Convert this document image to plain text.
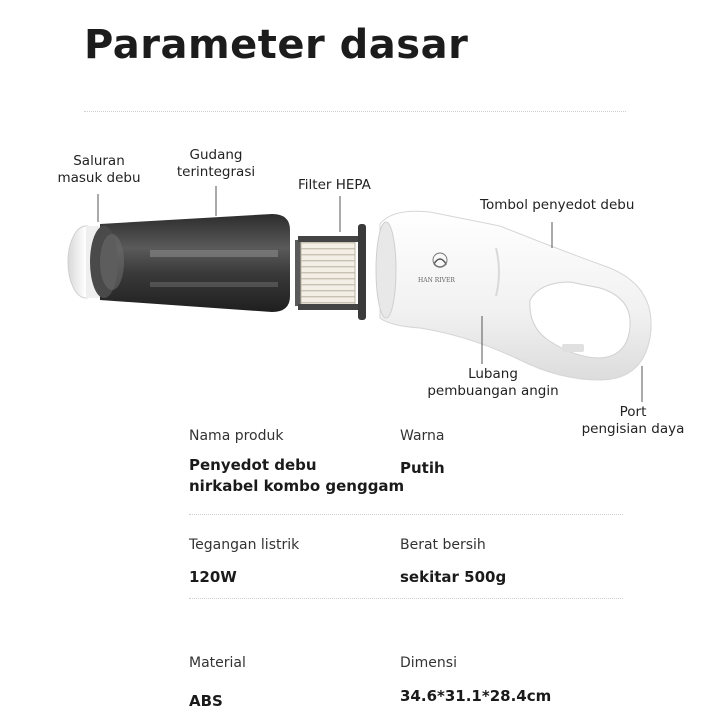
Parameter dasar
HAN RIVER
Saluran
masuk debu
Gudang
terintegrasi
Filter HEPA
Tombol penyedot debu
Lubang
pembuangan angin
Port
pengisian daya
Nama produk
Penyedot debu
nirkabel kombo genggam
Warna
Putih
Tegangan listrik
120W
Berat bersih
sekitar 500g
Material
ABS
Dimensi
34.6*31.1*28.4cm
